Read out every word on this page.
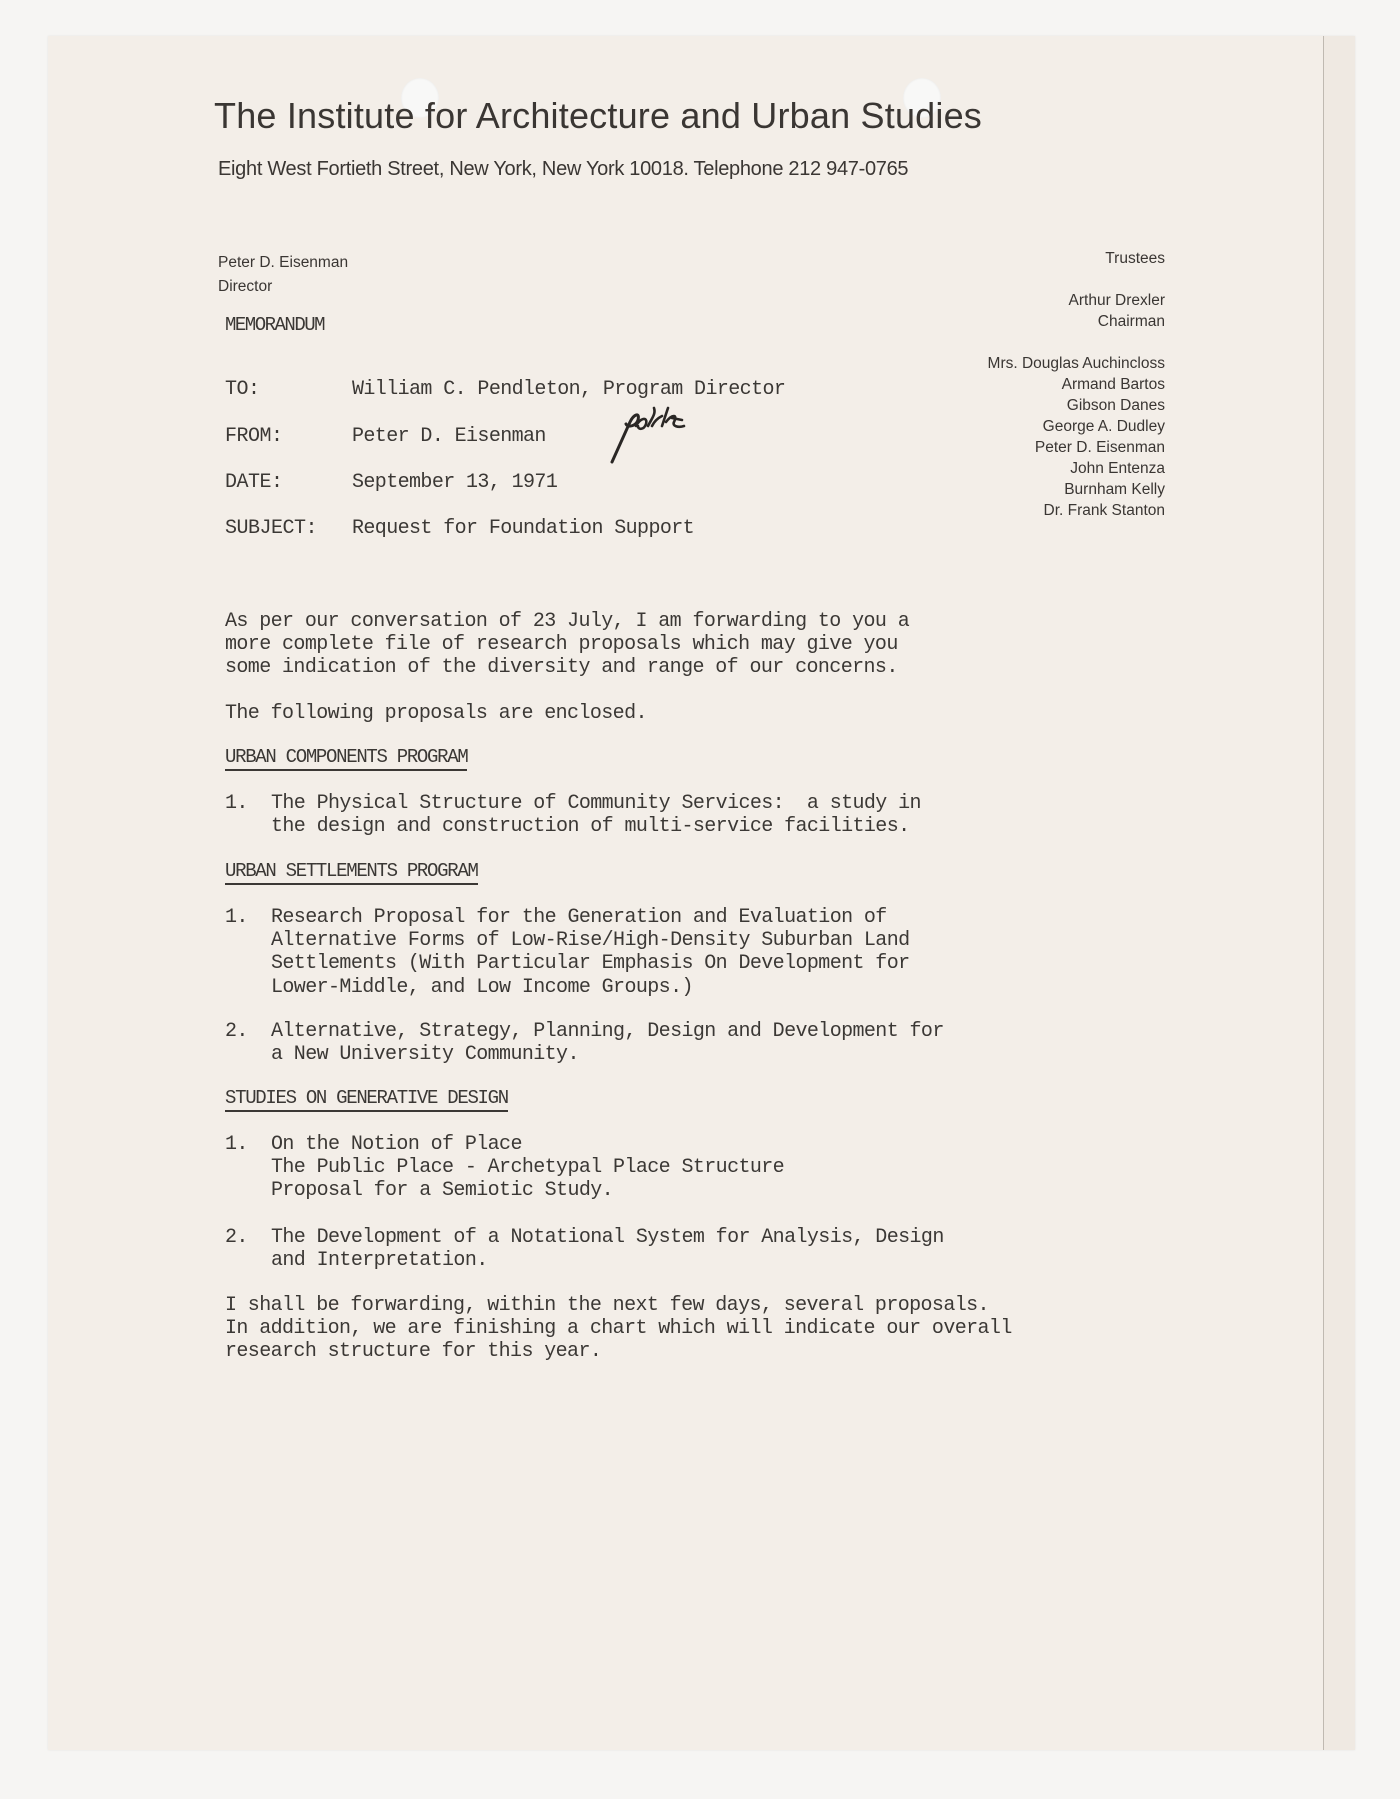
The Institute for Architecture and Urban Studies
Eight West Fortieth Street, New York, New York 10018. Telephone 212 947-0765
Peter D. Eisenman
Director
Trustees
Arthur Drexler
Chairman
Mrs. Douglas Auchincloss
Armand Bartos
Gibson Danes
George A. Dudley
Peter D. Eisenman
John Entenza
Burnham Kelly
Dr. Frank Stanton
MEMORANDUM
TO:	William C. Pendleton, Program Director
FROM:	Peter D. Eisenman
DATE:	September 13, 1971
SUBJECT: Request for Foundation Support
As per our conversation of 23 July, I am forwarding to you a
more complete file of research proposals which may give you
some indication of the diversity and range of our concerns.
The following proposals are enclosed.
URBAN COMPONENTS PROGRAM

1.

The Physical Structure of Community Services:  a study in
the design and construction of multi-service facilities.

URBAN SETTLEMENTS PROGRAM

1.

Research Proposal for the Generation and Evaluation of
Alternative Forms of Low-Rise/High-Density Suburban Land
Settlements (With Particular Emphasis On Development for
Lower-Middle, and Low Income Groups.)

2.

Alternative, Strategy, Planning, Design and Development for
a New University Community.

STUDIES ON GENERATIVE DESIGN

1.

On the Notion of Place
The Public Place - Archetypal Place Structure
Proposal for a Semiotic Study.

2.

The Development of a Notational System for Analysis, Design
and Interpretation.

I shall be forwarding, within the next few days, several proposals.
In addition, we are finishing a chart which will indicate our overall
research structure for this year.
